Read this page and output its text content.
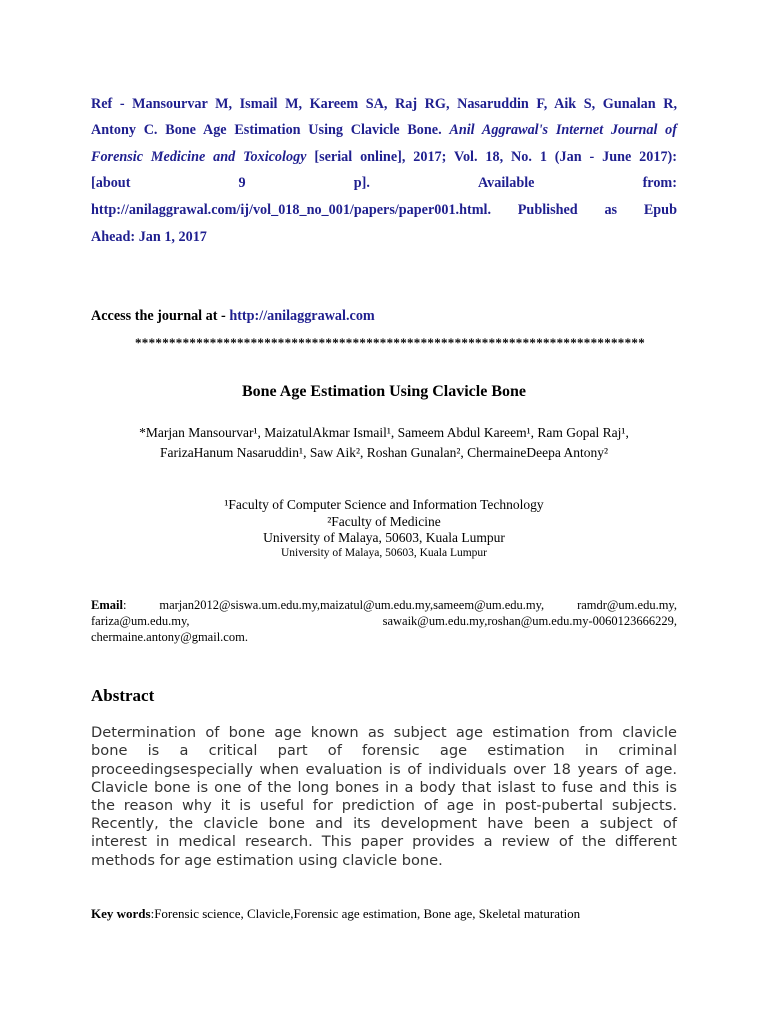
Ref - Mansourvar M, Ismail M, Kareem SA, Raj RG, Nasaruddin F, Aik S, Gunalan R,
Antony C. Bone Age Estimation Using Clavicle Bone. Anil Aggrawal's Internet Journal of
Forensic Medicine and Toxicology [serial online], 2017; Vol. 18, No. 1 (Jan - June 2017):
[about	9	p].	Available	from:
http://anilaggrawal.com/ij/vol_018_no_001/papers/paper001.html. Published as Epub
Ahead: Jan 1, 2017
Access the journal at - http://anilaggrawal.com
***************************************************************************
Bone Age Estimation Using Clavicle Bone
*Marjan Mansourvar¹, MaizatulAkmar Ismail¹, Sameem Abdul Kareem¹, Ram Gopal Raj¹,
FarizaHanum Nasaruddin¹, Saw Aik², Roshan Gunalan², ChermaineDeepa Antony²
¹Faculty of Computer Science and Information Technology
²Faculty of Medicine
University of Malaya, 50603, Kuala Lumpur
University of Malaya, 50603, Kuala Lumpur
Email: marjan2012@siswa.um.edu.my,maizatul@um.edu.my,sameem@um.edu.my, ramdr@um.edu.my,
fariza@um.edu.my,	sawaik@um.edu.my,roshan@um.edu.my-0060123666229,
chermaine.antony@gmail.com.
Abstract
Determination of bone age known as subject age estimation from clavicle
bone is a critical part of forensic age estimation in criminal
proceedingsespecially when evaluation is of individuals over 18 years of age.
Clavicle bone is one of the long bones in a body that islast to fuse and this is
the reason why it is useful for prediction of age in post-pubertal subjects.
Recently, the clavicle bone and its development have been a subject of
interest in medical research. This paper provides a review of the different
methods for age estimation using clavicle bone.
Key words:Forensic science, Clavicle,Forensic age estimation, Bone age, Skeletal maturation
